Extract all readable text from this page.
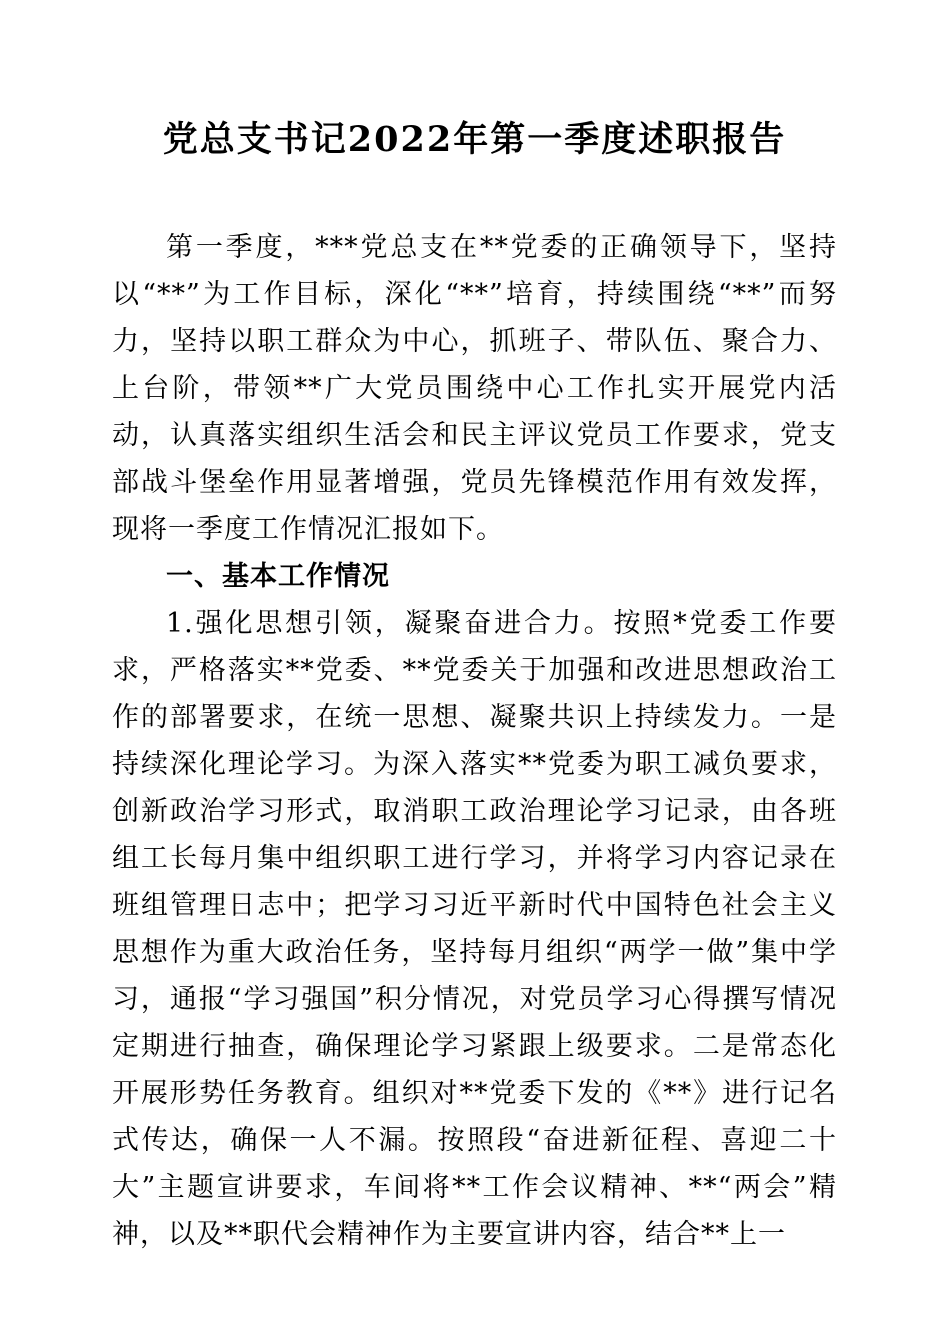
党总支书记2022年第一季度述职报告

第一季度，***党总支在**党委的正确领导下，坚持以“**”为工作目标，深化“**”培育，持续围绕“**”而努力，坚持以职工群众为中心，抓班子、带队伍、聚合力、上台阶，带领**广大党员围绕中心工作扎实开展党内活动，认真落实组织生活会和民主评议党员工作要求，党支部战斗堡垒作用显著增强，党员先锋模范作用有效发挥，现将一季度工作情况汇报如下。

一、基本工作情况

1.强化思想引领，凝聚奋进合力。按照*党委工作要求，严格落实**党委、**党委关于加强和改进思想政治工作的部署要求，在统一思想、凝聚共识上持续发力。一是持续深化理论学习。为深入落实**党委为职工减负要求，创新政治学习形式，取消职工政治理论学习记录，由各班组工长每月集中组织职工进行学习，并将学习内容记录在班组管理日志中；把学习习近平新时代中国特色社会主义思想作为重大政治任务，坚持每月组织“两学一做”集中学习，通报“学习强国”积分情况，对党员学习心得撰写情况定期进行抽查，确保理论学习紧跟上级要求。二是常态化开展形势任务教育。组织对**党委下发的《**》进行记名式传达，确保一人不漏。按照段“奋进新征程、喜迎二十大”主题宣讲要求，车间将**工作会议精神、**“两会”精神，以及**职代会精神作为主要宣讲内容，结合**上一
